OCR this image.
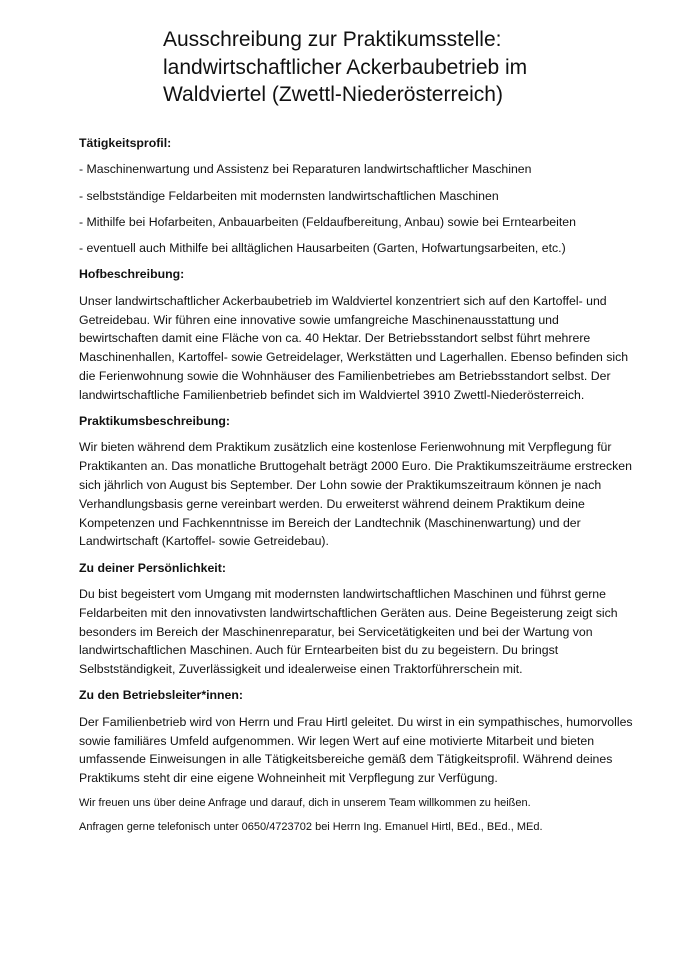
Ausschreibung zur Praktikumsstelle:
landwirtschaftlicher Ackerbaubetrieb im
Waldviertel (Zwettl-Niederösterreich)
Tätigkeitsprofil:
- Maschinenwartung und Assistenz bei Reparaturen landwirtschaftlicher Maschinen
- selbstständige Feldarbeiten mit modernsten landwirtschaftlichen Maschinen
- Mithilfe bei Hofarbeiten, Anbauarbeiten (Feldaufbereitung, Anbau) sowie bei Erntearbeiten
- eventuell auch Mithilfe bei alltäglichen Hausarbeiten (Garten, Hofwartungsarbeiten, etc.)
Hofbeschreibung:
Unser landwirtschaftlicher Ackerbaubetrieb im Waldviertel konzentriert sich auf den Kartoffel- und Getreidebau. Wir führen eine innovative sowie umfangreiche Maschinenausstattung und bewirtschaften damit eine Fläche von ca. 40 Hektar. Der Betriebsstandort selbst führt mehrere Maschinenhallen, Kartoffel- sowie Getreidelager, Werkstätten und Lagerhallen. Ebenso befinden sich die Ferienwohnung sowie die Wohnhäuser des Familienbetriebes am Betriebsstandort selbst. Der landwirtschaftliche Familienbetrieb befindet sich im Waldviertel 3910 Zwettl-Niederösterreich.
Praktikumsbeschreibung:
Wir bieten während dem Praktikum zusätzlich eine kostenlose Ferienwohnung mit Verpflegung für Praktikanten an. Das monatliche Bruttogehalt beträgt 2000 Euro. Die Praktikumszeiträume erstrecken sich jährlich von August bis September. Der Lohn sowie der Praktikumszeitraum können je nach Verhandlungsbasis gerne vereinbart werden. Du erweiterst während deinem Praktikum deine Kompetenzen und Fachkenntnisse im Bereich der Landtechnik (Maschinenwartung) und der Landwirtschaft (Kartoffel- sowie Getreidebau).
Zu deiner Persönlichkeit:
Du bist begeistert vom Umgang mit modernsten landwirtschaftlichen Maschinen und führst gerne Feldarbeiten mit den innovativsten landwirtschaftlichen Geräten aus. Deine Begeisterung zeigt sich besonders im Bereich der Maschinenreparatur, bei Servicetätigkeiten und bei der Wartung von landwirtschaftlichen Maschinen. Auch für Erntearbeiten bist du zu begeistern. Du bringst Selbstständigkeit, Zuverlässigkeit und idealerweise einen Traktorführerschein mit.
Zu den Betriebsleiter*innen:
Der Familienbetrieb wird von Herrn und Frau Hirtl geleitet. Du wirst in ein sympathisches, humorvolles sowie familiäres Umfeld aufgenommen. Wir legen Wert auf eine motivierte Mitarbeit und bieten umfassende Einweisungen in alle Tätigkeitsbereiche gemäß dem Tätigkeitsprofil. Während deines Praktikums steht dir eine eigene Wohneinheit mit Verpflegung zur Verfügung.
Wir freuen uns über deine Anfrage und darauf, dich in unserem Team willkommen zu heißen.
Anfragen gerne telefonisch unter 0650/4723702 bei Herrn Ing. Emanuel Hirtl, BEd., BEd., MEd.
